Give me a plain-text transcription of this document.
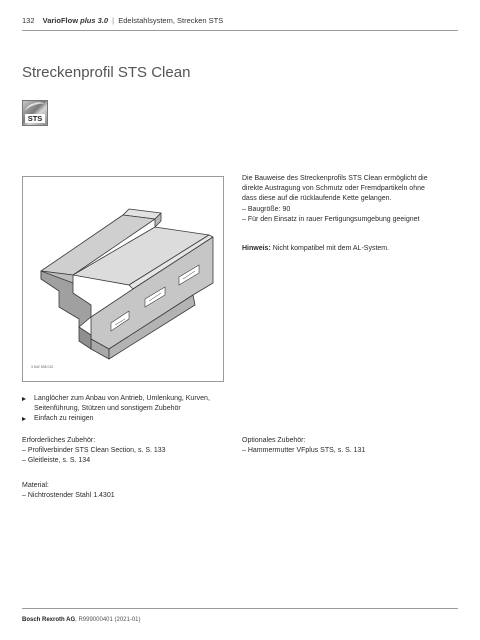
132 VarioFlow plus 3.0 | Edelstahlsystem, Strecken STS
Streckenprofil STS Clean
STS
3 842 538 012

Die Bauweise des Streckenprofils STS Clean ermöglicht die

direkte Austragung von Schmutz oder Fremdpartikeln ohne

dass diese auf die rücklaufende Kette gelangen.

– Baugröße: 90

– Für den Einsatz in rauer Fertigungsumgebung geeignet

Hinweis: Nicht kompatibel mit dem AL-System.

Langlöcher zum Anbau von Antrieb, Umlenkung, Kurven,
Seitenführung, Stützen und sonstigem Zubehör
Einfach zu reinigen
Erforderliches Zubehör:
– Profilverbinder STS Clean Section, s. S. 133
– Gleitleiste, s. S. 134
Optionales Zubehör:
– Hammermutter VFplus STS, s. S. 131
Material:
– Nichtrostender Stahl 1.4301
Bosch Rexroth AG, R999000401 (2021-01)
